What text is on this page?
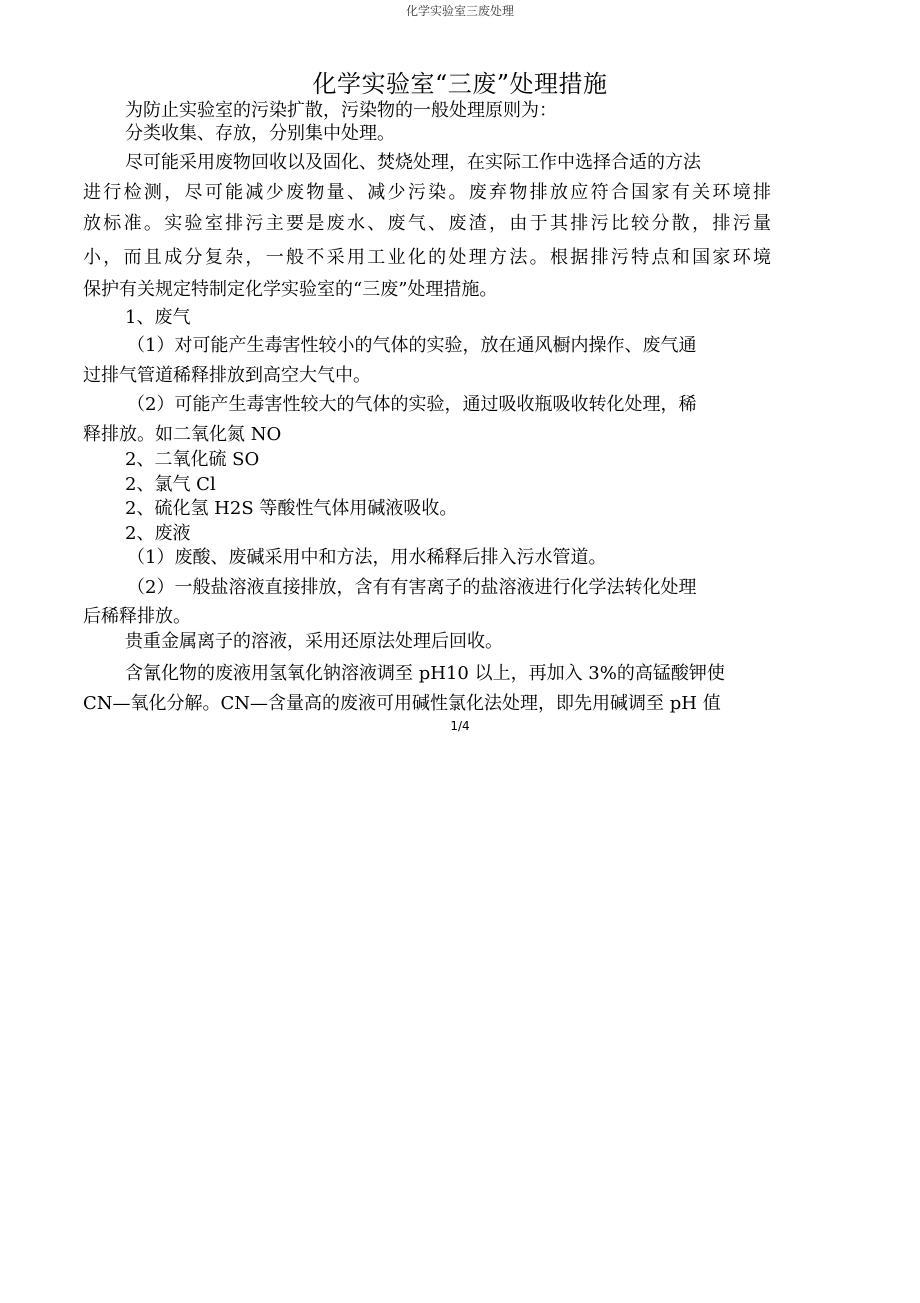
化学实验室三废处理
化学实验室“三废”处理措施
为防止实验室的污染扩散，污染物的一般处理原则为：
分类收集、存放，分别集中处理。
尽可能采用废物回收以及固化、焚烧处理，在实际工作中选择合适的方法
进行检测，尽可能减少废物量、减少污染。废弃物排放应符合国家有关环境排
放标准。实验室排污主要是废水、废气、废渣，由于其排污比较分散，排污量
小，而且成分复杂，一般不采用工业化的处理方法。根据排污特点和国家环境
保护有关规定特制定化学实验室的“三废”处理措施。
1、废气
（1）对可能产生毒害性较小的气体的实验，放在通风橱内操作、废气通
过排气管道稀释排放到高空大气中。
（2）可能产生毒害性较大的气体的实验，通过吸收瓶吸收转化处理，稀
释排放。如二氧化氮 NO
2、二氧化硫 SO
2、氯气 Cl
2、硫化氢 H2S 等酸性气体用碱液吸收。
2、废液
（1）废酸、废碱采用中和方法，用水稀释后排入污水管道。
（2）一般盐溶液直接排放，含有有害离子的盐溶液进行化学法转化处理
后稀释排放。
贵重金属离子的溶液，采用还原法处理后回收。
含氰化物的废液用氢氧化钠溶液调至 pH10 以上，再加入 3%的高锰酸钾使
CN—氧化分解。CN—含量高的废液可用碱性氯化法处理，即先用碱调至 pH 值
1/4
